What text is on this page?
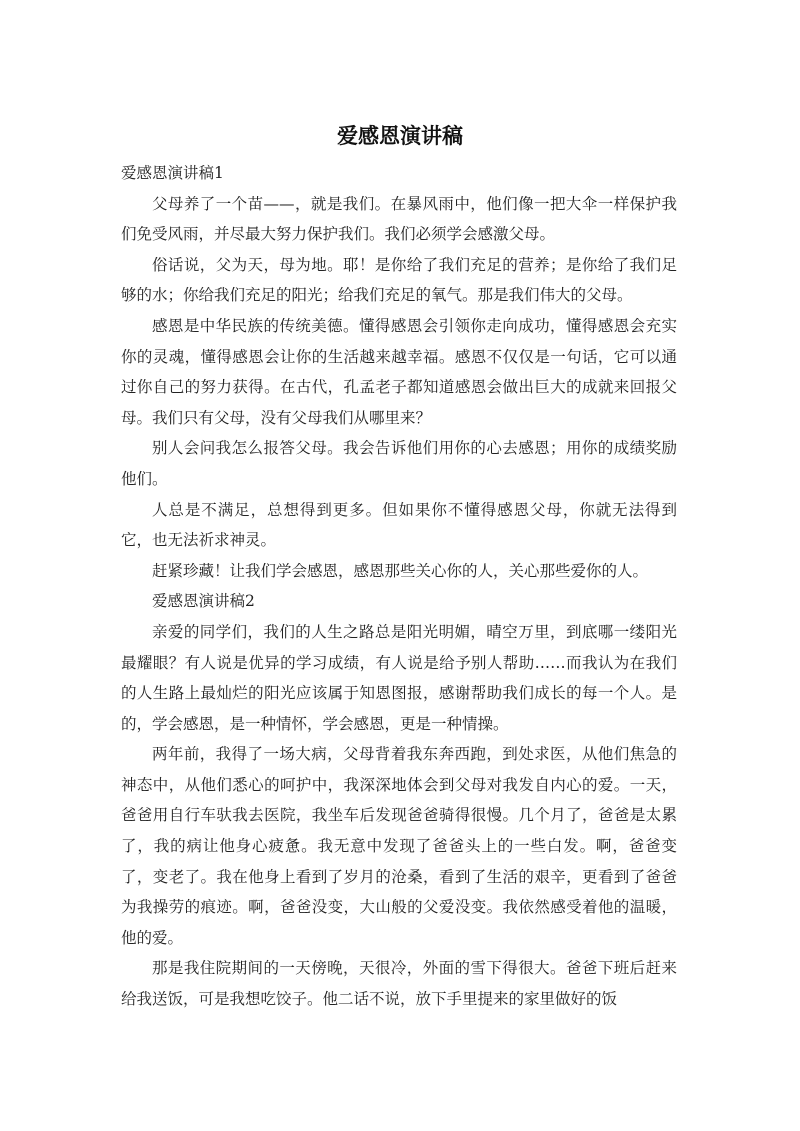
爱感恩演讲稿

爱感恩演讲稿1

父母养了一个苗——，就是我们。在暴风雨中，他们像一把大伞一样保护我们免受风雨，并尽最大努力保护我们。我们必须学会感激父母。

俗话说，父为天，母为地。耶！是你给了我们充足的营养；是你给了我们足够的水；你给我们充足的阳光；给我们充足的氧气。那是我们伟大的父母。

感恩是中华民族的传统美德。懂得感恩会引领你走向成功，懂得感恩会充实你的灵魂，懂得感恩会让你的生活越来越幸福。感恩不仅仅是一句话，它可以通过你自己的努力获得。在古代，孔孟老子都知道感恩会做出巨大的成就来回报父母。我们只有父母，没有父母我们从哪里来？

别人会问我怎么报答父母。我会告诉他们用你的心去感恩；用你的成绩奖励他们。

人总是不满足，总想得到更多。但如果你不懂得感恩父母，你就无法得到它，也无法祈求神灵。

赶紧珍藏！让我们学会感恩，感恩那些关心你的人，关心那些爱你的人。

爱感恩演讲稿2

亲爱的同学们，我们的人生之路总是阳光明媚，晴空万里，到底哪一缕阳光最耀眼？有人说是优异的学习成绩，有人说是给予别人帮助……而我认为在我们的人生路上最灿烂的阳光应该属于知恩图报，感谢帮助我们成长的每一个人。是的，学会感恩，是一种情怀，学会感恩，更是一种情操。

两年前，我得了一场大病，父母背着我东奔西跑，到处求医，从他们焦急的神态中，从他们悉心的呵护中，我深深地体会到父母对我发自内心的爱。一天，爸爸用自行车驮我去医院，我坐车后发现爸爸骑得很慢。几个月了，爸爸是太累了，我的病让他身心疲惫。我无意中发现了爸爸头上的一些白发。啊，爸爸变了，变老了。我在他身上看到了岁月的沧桑，看到了生活的艰辛，更看到了爸爸为我操劳的痕迹。啊，爸爸没变，大山般的父爱没变。我依然感受着他的温暖，他的爱。

那是我住院期间的一天傍晚，天很冷，外面的雪下得很大。爸爸下班后赶来给我送饭，可是我想吃饺子。他二话不说，放下手里提来的家里做好的饭
